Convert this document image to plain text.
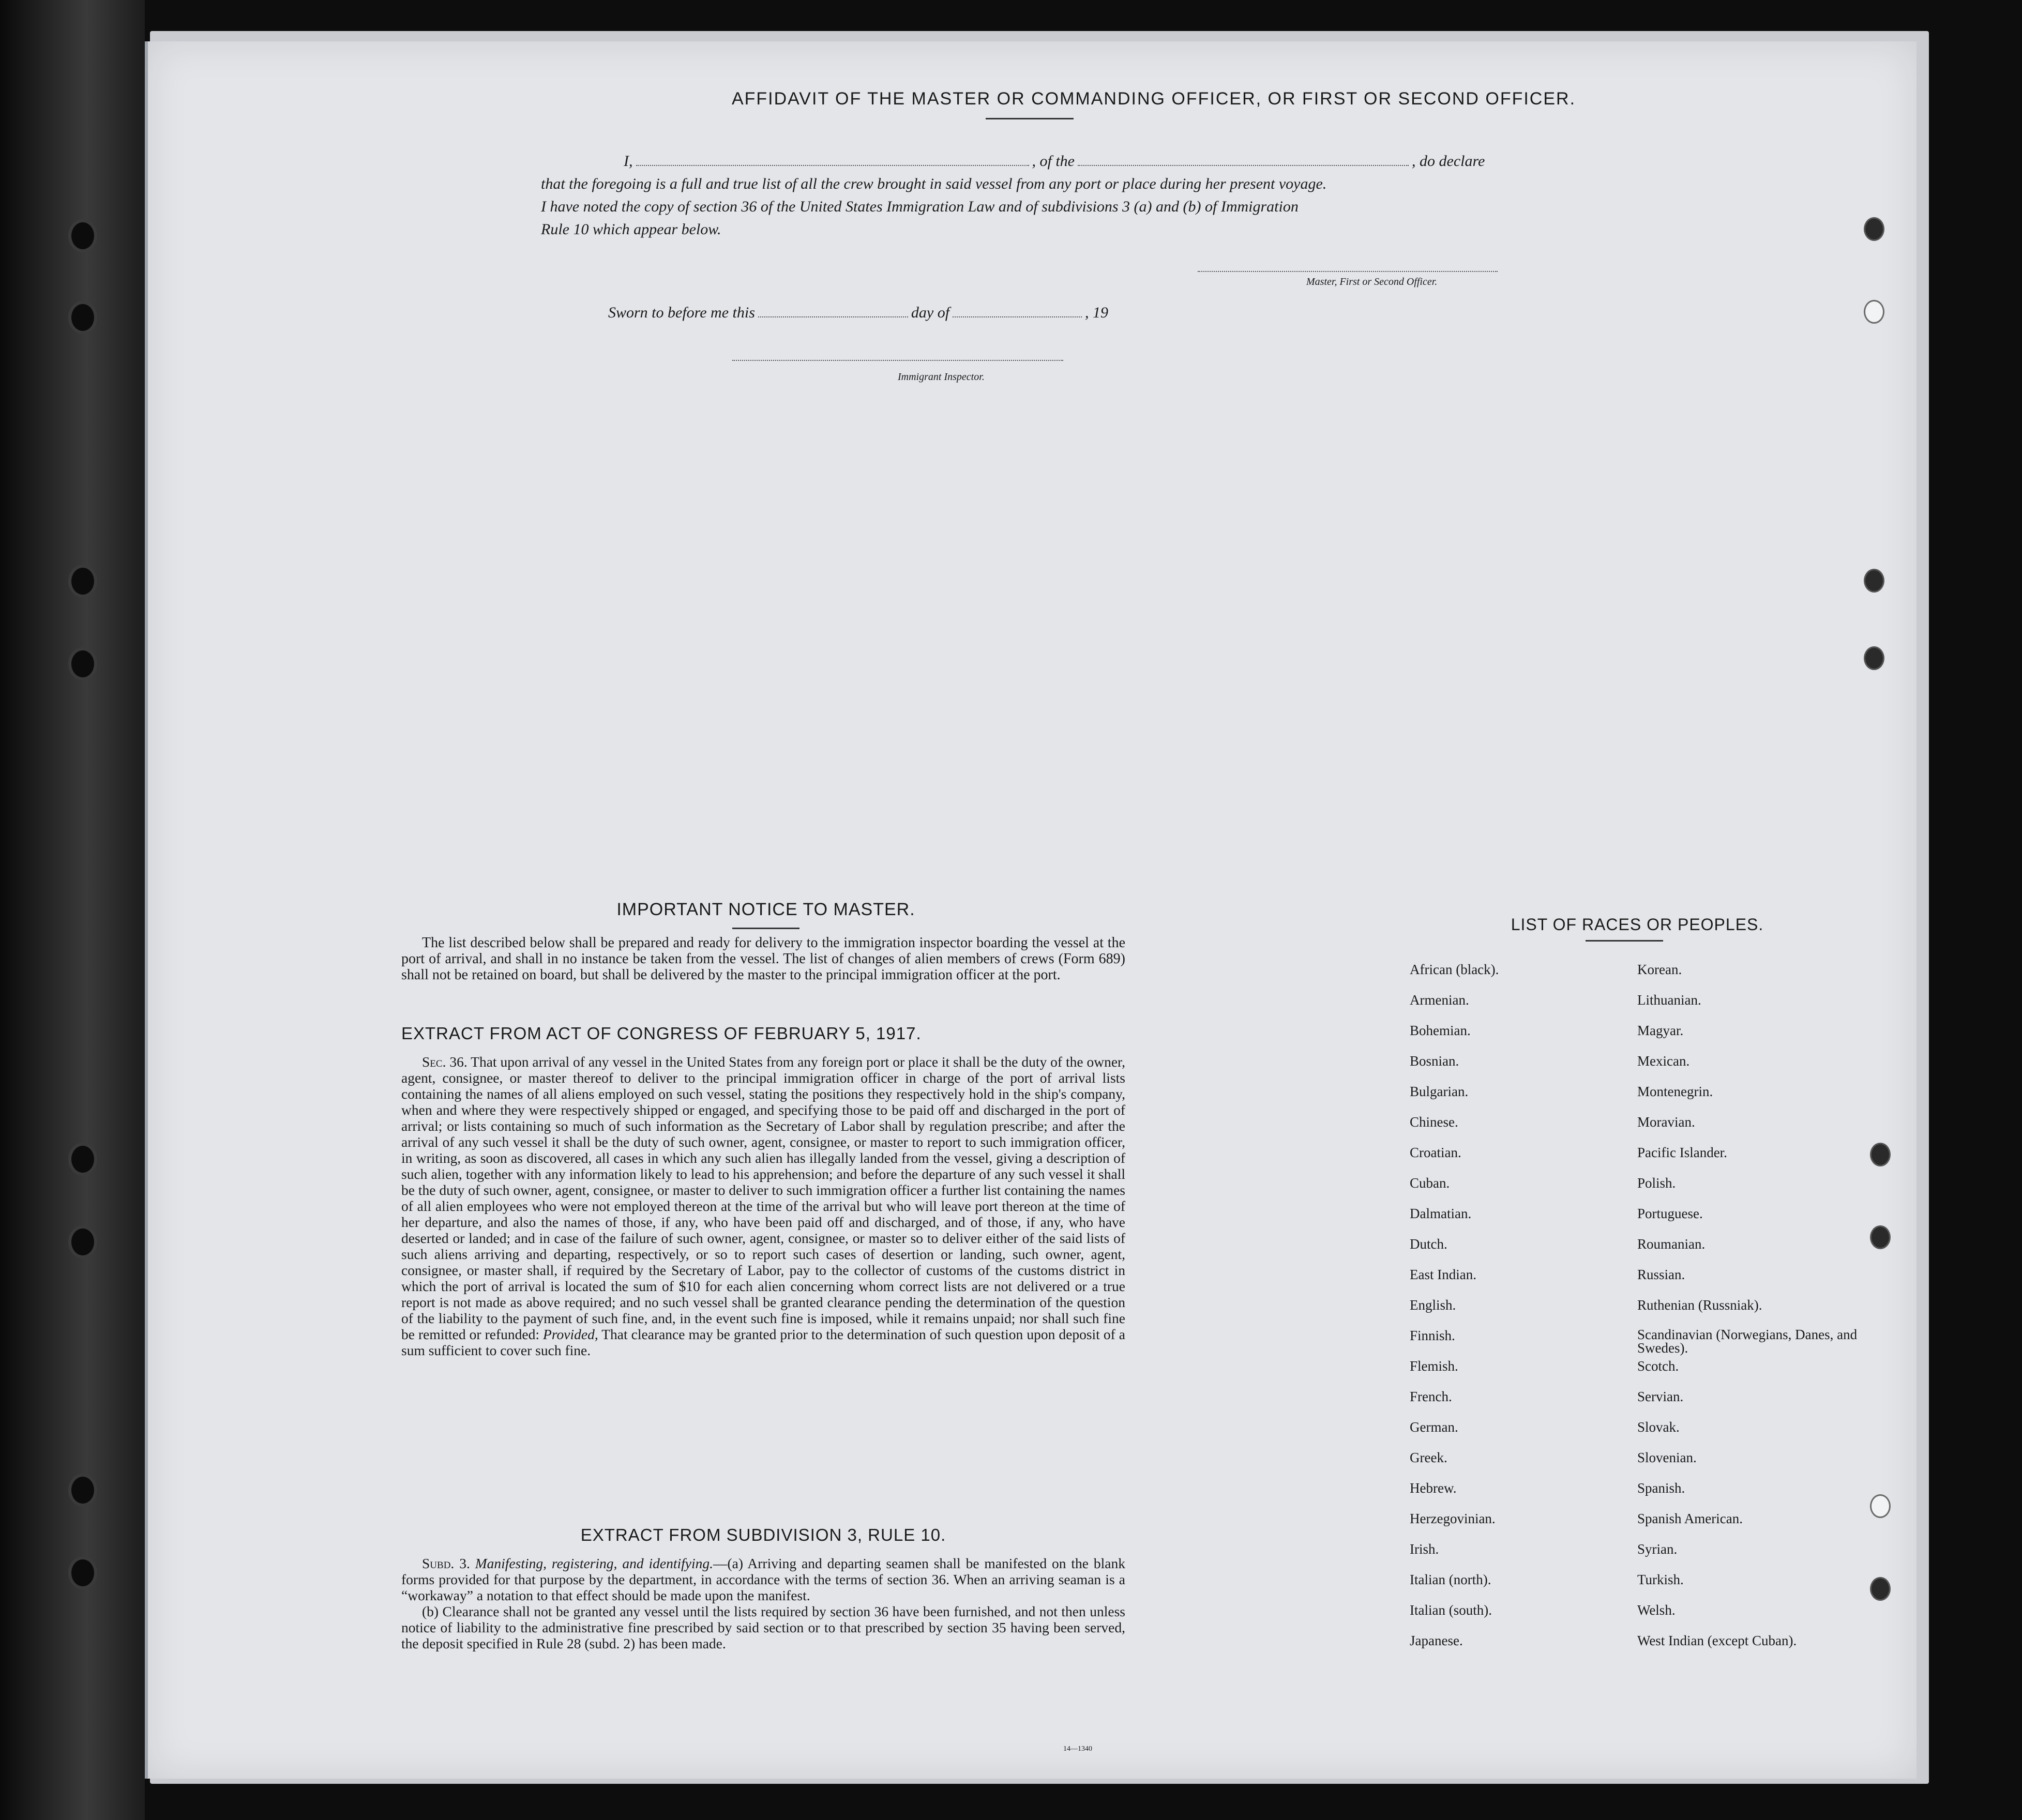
AFFIDAVIT OF THE MASTER OR COMMANDING OFFICER, OR FIRST OR SECOND OFFICER.
I,	, of the	, do declare
that the foregoing is a full and true list of all the crew brought in said vessel from any port or place during her present voyage.
I have noted the copy of section 36 of the United States Immigration Law and of subdivisions 3 (a) and (b) of Immigration
Rule 10 which appear below.
Master, First or Second Officer.
Sworn to before me this	day of	, 19
Immigrant Inspector.
IMPORTANT NOTICE TO MASTER.
The list described below shall be prepared and ready for delivery to the immigration inspector boarding the vessel at the port of arrival, and shall in no instance be taken from the vessel. The list of changes of alien members of crews (Form 689) shall not be retained on board, but shall be delivered by the master to the principal immigration officer at the port.
EXTRACT FROM ACT OF CONGRESS OF FEBRUARY 5, 1917.
Sec. 36. That upon arrival of any vessel in the United States from any foreign port or place it shall be the duty of the owner, agent, consignee, or master thereof to deliver to the principal immigration officer in charge of the port of arrival lists containing the names of all aliens employed on such vessel, stating the positions they respectively hold in the ship's company, when and where they were respectively shipped or engaged, and specifying those to be paid off and discharged in the port of arrival; or lists containing so much of such information as the Secretary of Labor shall by regulation prescribe; and after the arrival of any such vessel it shall be the duty of such owner, agent, consignee, or master to report to such immigration officer, in writing, as soon as discovered, all cases in which any such alien has illegally landed from the vessel, giving a description of such alien, together with any information likely to lead to his apprehension; and before the departure of any such vessel it shall be the duty of such owner, agent, consignee, or master to deliver to such immigration officer a further list containing the names of all alien employees who were not employed thereon at the time of the arrival but who will leave port thereon at the time of her departure, and also the names of those, if any, who have been paid off and discharged, and of those, if any, who have deserted or landed; and in case of the failure of such owner, agent, consignee, or master so to deliver either of the said lists of such aliens arriving and departing, respectively, or so to report such cases of desertion or landing, such owner, agent, consignee, or master shall, if required by the Secretary of Labor, pay to the collector of customs of the customs district in which the port of arrival is located the sum of $10 for each alien concerning whom correct lists are not delivered or a true report is not made as above required; and no such vessel shall be granted clearance pending the determination of the question of the liability to the payment of such fine, and, in the event such fine is imposed, while it remains unpaid; nor shall such fine be remitted or refunded: Provided, That clearance may be granted prior to the determination of such question upon deposit of a sum sufficient to cover such fine.
EXTRACT FROM SUBDIVISION 3, RULE 10.

Subd. 3. Manifesting, registering, and identifying.—(a) Arriving and departing seamen shall be manifested on the blank forms provided for that purpose by the department, in accordance with the terms of section 36. When an arriving seaman is a “workaway” a notation to that effect should be made upon the manifest.

(b) Clearance shall not be granted any vessel until the lists required by section 36 have been furnished, and not then unless notice of liability to the administrative fine prescribed by said section or to that prescribed by section 35 having been served, the deposit specified in Rule 28 (subd. 2) has been made.

14—1340
LIST OF RACES OR PEOPLES.
African (black).	Korean.
Armenian.	Lithuanian.
Bohemian.	Magyar.
Bosnian.	Mexican.
Bulgarian.	Montenegrin.
Chinese.	Moravian.
Croatian.	Pacific Islander.
Cuban.	Polish.
Dalmatian.	Portuguese.
Dutch.	Roumanian.
East Indian.	Russian.
English.	Ruthenian (Russniak).
Finnish.	Scandinavian (Norwegians, Danes, and Swedes).
Flemish.	Scotch.
French.	Servian.
German.	Slovak.
Greek.	Slovenian.
Hebrew.	Spanish.
Herzegovinian.	Spanish American.
Irish.	Syrian.
Italian (north).	Turkish.
Italian (south).	Welsh.
Japanese.	West Indian (except Cuban).
